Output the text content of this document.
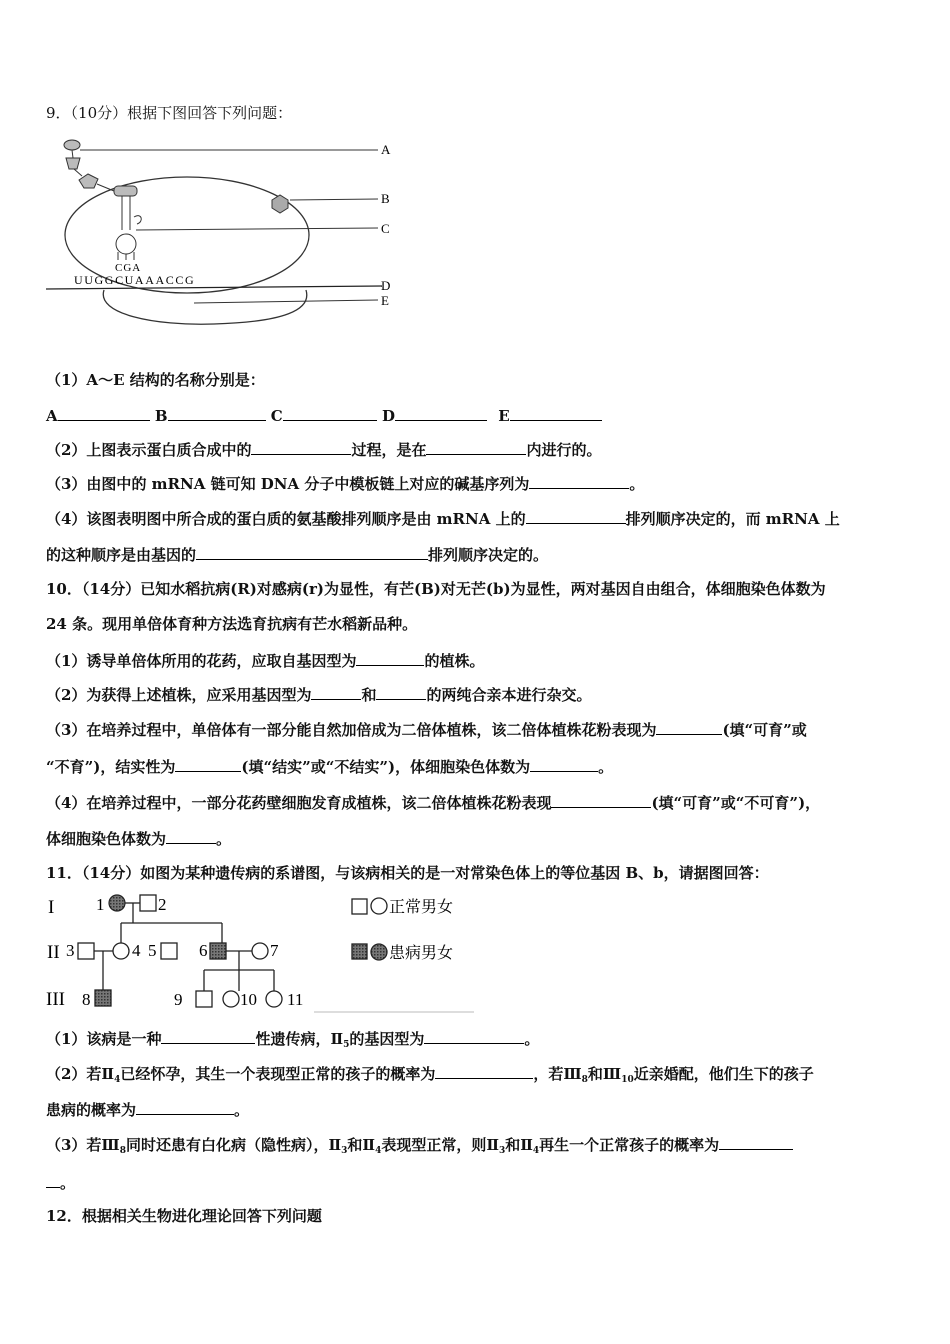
9．（10分）根据下图回答下列问题：
CGA
UUGGCUAAACCG
A
B
C
D
E
（1）A～E 结构的名称分别是：
A	B	C	D	E
（2）上图表示蛋白质合成中的	过程，是在	内进行的。
（3）由图中的 mRNA 链可知 DNA 分子中模板链上对应的碱基序列为	。
（4）该图表明图中所合成的蛋白质的氨基酸排列顺序是由 mRNA 上的	排列顺序决定的，而 mRNA 上
的这种顺序是由基因的	排列顺序决定的。
10．（14分）已知水稻抗病(R)对感病(r)为显性，有芒(B)对无芒(b)为显性，两对基因自由组合，体细胞染色体数为
24 条。现用单倍体育种方法选育抗病有芒水稻新品种。
（1）诱导单倍体所用的花药，应取自基因型为	的植株。
（2）为获得上述植株，应采用基因型为	和	的两纯合亲本进行杂交。
（3）在培养过程中，单倍体有一部分能自然加倍成为二倍体植株，该二倍体植株花粉表现为	(填“可育”或
“不育”)，结实性为	(填“结实”或“不结实”)，体细胞染色体数为	。
（4）在培养过程中，一部分花药壁细胞发育成植株，该二倍体植株花粉表现	(填“可育”或“不可育”)，
体细胞染色体数为	。
11．（14分）如图为某种遗传病的系谱图，与该病相关的是一对常染色体上的等位基因 B、b，请据图回答：
I
II
III
1	2
3	4 5	6	7
8	9	10 11
正常男女
患病男女
（1）该病是一种	性遗传病，$Ⅱ_5$的基因型为	。
（2）若$Ⅱ_4$已经怀孕，其生一个表现型正常的孩子的概率为	，若$Ⅲ_8$和$Ⅲ_{10}$近亲婚配，他们生下的孩子
患病的概率为	。
（3）若$Ⅲ_8$同时还患有白化病（隐性病），$Ⅱ_3$和$Ⅱ_4$表现型正常，则$Ⅱ_3$和$Ⅱ_4$再生一个正常孩子的概率为
。
12．根据相关生物进化理论回答下列问题
